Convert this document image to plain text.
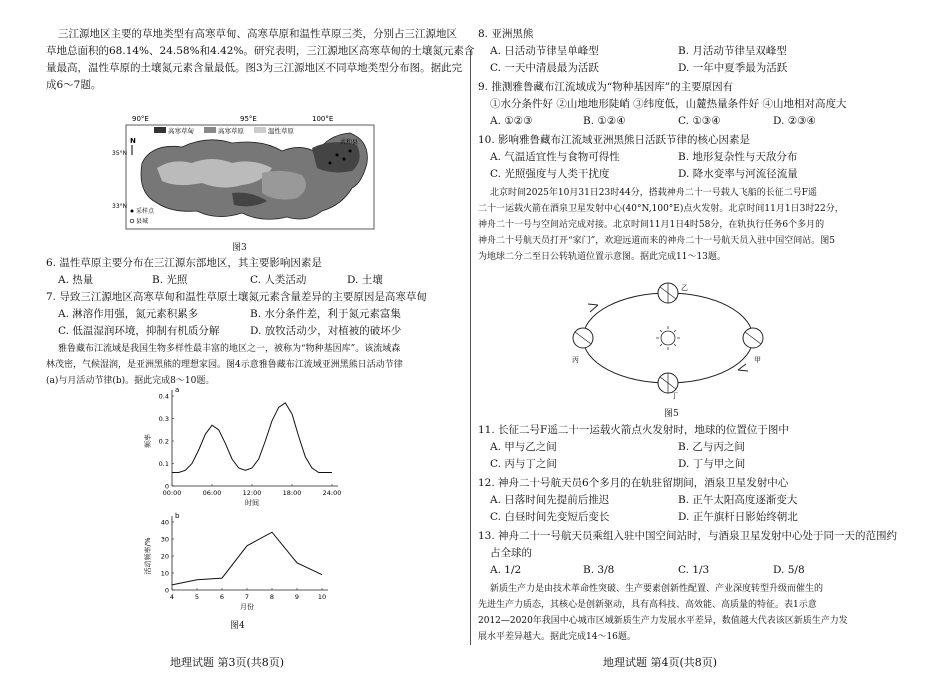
三江源地区主要的草地类型有高寒草甸、高寒草原和温性草原三类，分别占三江源地区
草地总面积的68.14%、24.58%和4.42%。研究表明，三江源地区高寒草甸的土壤氮元素含
量最高，温性草原的土壤氮元素含量最低。图3为三江源地区不同草地类型分布图。据此完
成6～7题。
90°E	95°E	100°E
35°N
33°N
高寒草甸	高寒草原	温性草原
N	共和县
采样点
县城
图3
6. 温性草原主要分布在三江源东部地区，其主要影响因素是
A. 热量	B. 光照	C. 人类活动	D. 土壤
7. 导致三江源地区高寒草甸和温性草原土壤氮元素含量差异的主要原因是高寒草甸
A. 淋溶作用强，氮元素积累多	B. 水分条件差，利于氮元素富集
C. 低温湿润环境，抑制有机质分解	D. 放牧活动少，对植被的破坏少
雅鲁藏布江流域是我国生物多样性最丰富的地区之一，被称为“物种基因库”。该流域森
林茂密，气候湿润，是亚洲黑熊的理想家园。图4示意雅鲁藏布江流域亚洲黑熊日活动节律
(a)与月活动节律(b)。据此完成8～10题。
a
0
0.1
0.2
0.3
0.4
00:00	06:00	12:00	18:00	24:00
时间
频率
b
0
10
20
30
40
4	5	6	7	8	9	10
月份
活动频率/%
图4
地理试题 第3页(共8页)
8. 亚洲黑熊
A. 日活动节律呈单峰型	B. 月活动节律呈双峰型
C. 一天中清晨最为活跃	D. 一年中夏季最为活跃
9. 推测雅鲁藏布江流域成为“物种基因库”的主要原因有
①水分条件好 ②山地地形陡峭 ③纬度低，山麓热量条件好 ④山地相对高度大
A. ①②③	B. ①②④	C. ①③④	D. ②③④
10. 影响雅鲁藏布江流域亚洲黑熊日活跃节律的核心因素是
A. 气温适宜性与食物可得性	B. 地形复杂性与天敌分布
C. 光照强度与人类干扰度	D. 降水变率与河流径流量
北京时间2025年10月31日23时44分，搭载神舟二十一号载人飞船的长征二号F遥
二十一运载火箭在酒泉卫星发射中心(40°N,100°E)点火发射。北京时间11月1日3时22分，
神舟二十一号与空间站完成对接。北京时间11月1日4时58分，在轨执行任务6个多月的
神舟二十号航天员打开“家门”，欢迎远道而来的神舟二十一号航天员入驻中国空间站。图5
为地球二分二至日公转轨道位置示意图。据此完成11～13题。
乙
丙	甲
丁
图5
11. 长征二号F遥二十一运载火箭点火发射时，地球的位置位于图中
A. 甲与乙之间	B. 乙与丙之间
C. 丙与丁之间	D. 丁与甲之间
12. 神舟二十号航天员6个多月的在轨驻留期间，酒泉卫星发射中心
A. 日落时间先提前后推迟	B. 正午太阳高度逐渐变大
C. 白昼时间先变短后变长	D. 正午旗杆日影始终朝北
13. 神舟二十一号航天员乘组入驻中国空间站时，与酒泉卫星发射中心处于同一天的范围约
占全球的
A. 1/2	B. 3/8	C. 1/3	D. 5/8
新质生产力是由技术革命性突破、生产要素创新性配置、产业深度转型升级而催生的
先进生产力质态，其核心是创新驱动，具有高科技、高效能、高质量的特征。表1示意
2012—2020年我国中心城市区域新质生产力发展水平差异，数值越大代表该区新质生产力发
展水平差异越大。据此完成14～16题。
地理试题 第4页(共8页)
